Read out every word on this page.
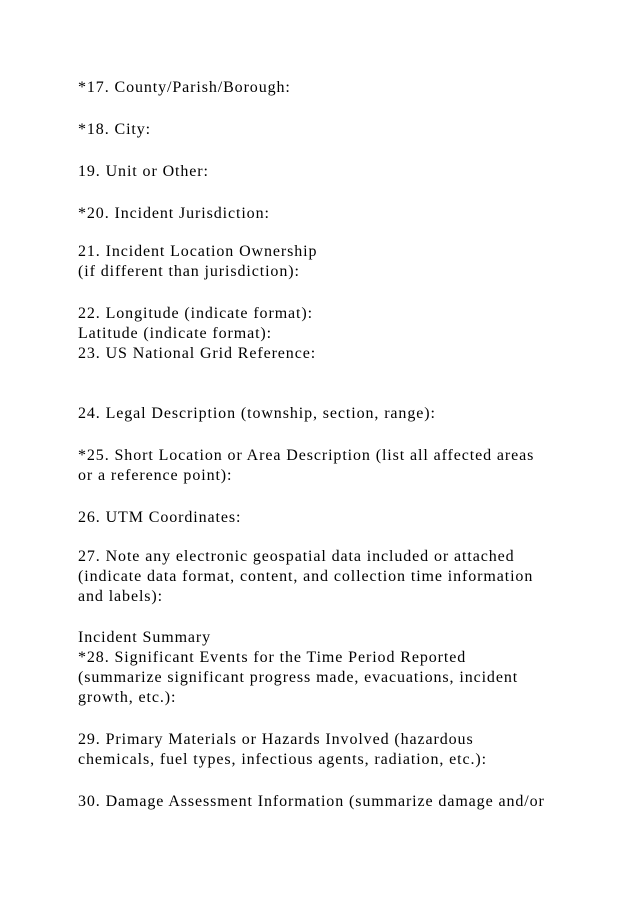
*17. County/Parish/Borough:

*18. City:

19. Unit or Other:

*20. Incident Jurisdiction:

21. Incident Location Ownership

(if different than jurisdiction):

22. Longitude (indicate format):

Latitude (indicate format):

23. US National Grid Reference:

24. Legal Description (township, section, range):

*25. Short Location or Area Description (list all affected areas

or a reference point):

26. UTM Coordinates:

27. Note any electronic geospatial data included or attached

(indicate data format, content, and collection time information

and labels):

Incident Summary

*28. Significant Events for the Time Period Reported

(summarize significant progress made, evacuations, incident

growth, etc.):

29. Primary Materials or Hazards Involved (hazardous

chemicals, fuel types, infectious agents, radiation, etc.):

30. Damage Assessment Information (summarize damage and/or
